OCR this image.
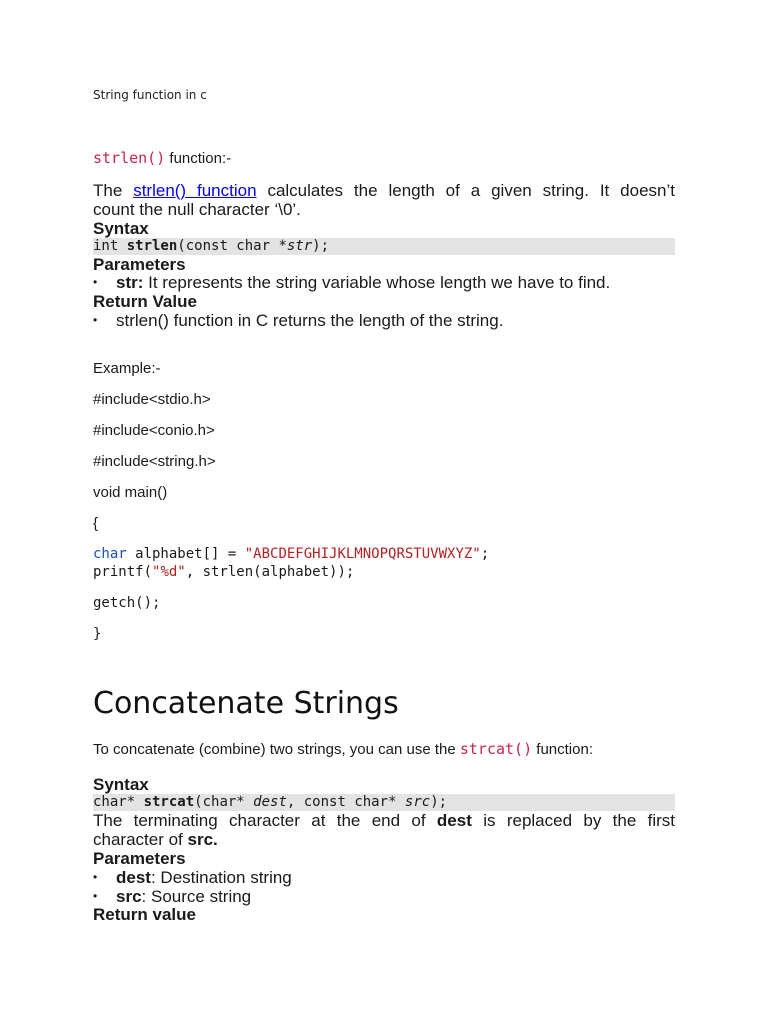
String function in c
strlen() function:-
The strlen() function calculates the length of a given string. It doesn’t
count the null character ‘\0’.
Syntax
int strlen(const char *str);
Parameters
• str: It represents the string variable whose length we have to find.
Return Value
• strlen() function in C returns the length of the string.
Example:-
#include<stdio.h>
#include<conio.h>
#include<string.h>
void main()
{
char alphabet[] = "ABCDEFGHIJKLMNOPQRSTUVWXYZ";
printf("%d", strlen(alphabet));
getch();
}
Concatenate Strings
To concatenate (combine) two strings, you can use the strcat() function:
Syntax
char* strcat(char* dest, const char* src);
The terminating character at the end of dest is replaced by the first
character of src.
Parameters
• dest: Destination string
• src: Source string
Return value
